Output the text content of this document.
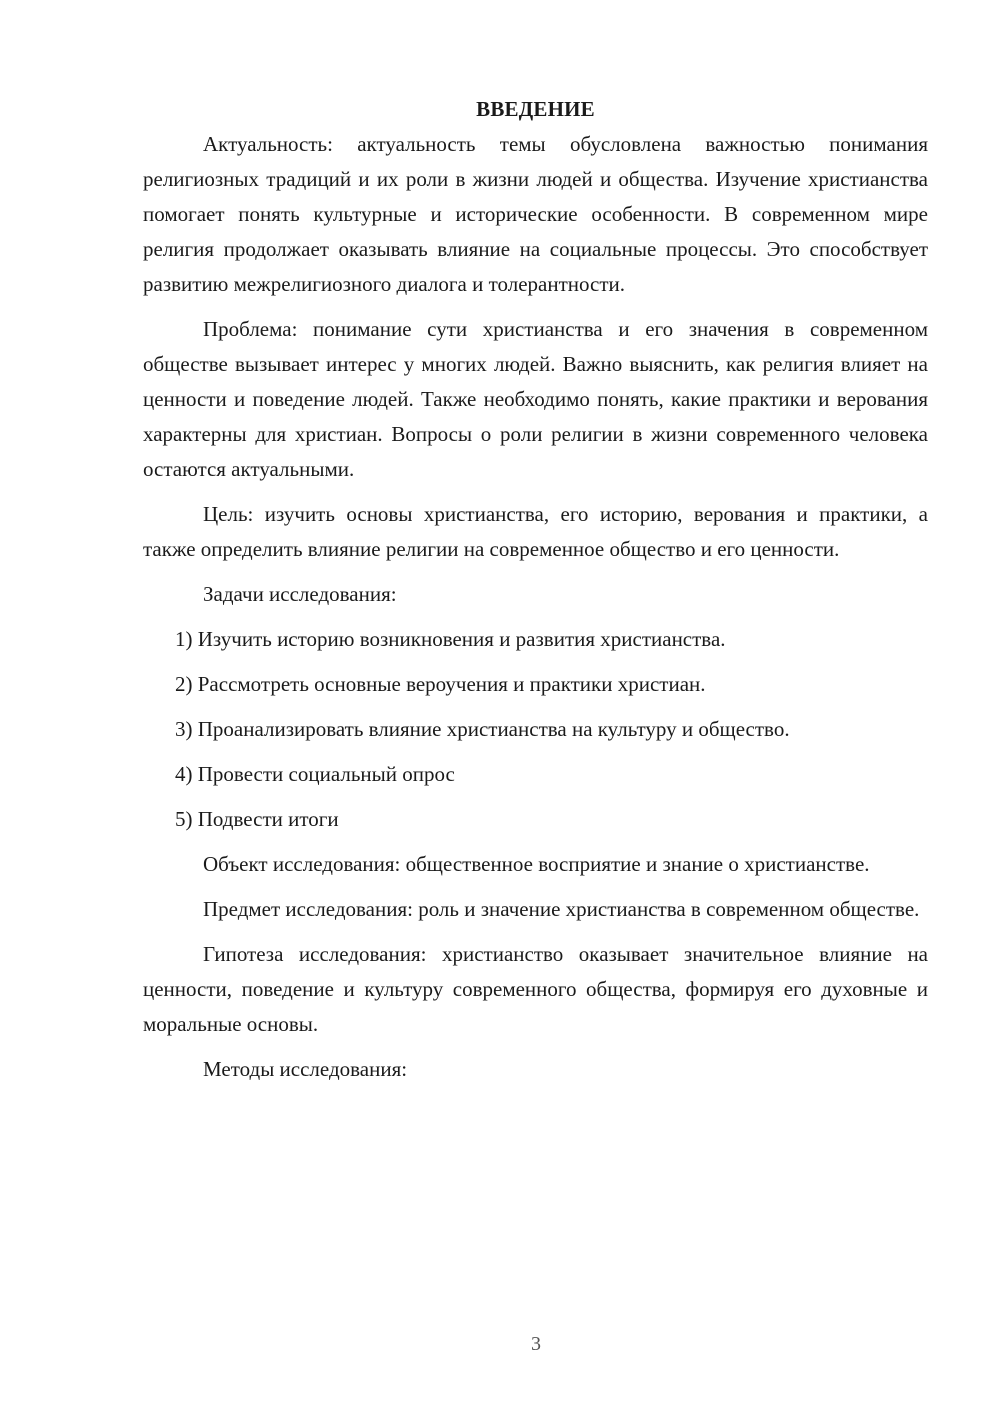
ВВЕДЕНИЕ

Актуальность: актуальность темы обусловлена важностью понимания религиозных традиций и их роли в жизни людей и общества. Изучение христианства помогает понять культурные и исторические особенности. В современном мире религия продолжает оказывать влияние на социальные процессы. Это способствует развитию межрелигиозного диалога и толерантности.

Проблема: понимание сути христианства и его значения в современном обществе вызывает интерес у многих людей. Важно выяснить, как религия влияет на ценности и поведение людей. Также необходимо понять, какие практики и верования характерны для христиан. Вопросы о роли религии в жизни современного человека остаются актуальными.

Цель: изучить основы христианства, его историю, верования и практики, а также определить влияние религии на современное общество и его ценности.

Задачи исследования:

1) Изучить историю возникновения и развития христианства.
2) Рассмотреть основные вероучения и практики христиан.
3) Проанализировать влияние христианства на культуру и общество.
4) Провести социальный опрос
5) Подвести итоги

Объект исследования: общественное восприятие и знание о христианстве.

Предмет исследования: роль и значение христианства в современном обществе.

Гипотеза исследования: христианство оказывает значительное влияние на ценности, поведение и культуру современного общества, формируя его духовные и моральные основы.

Методы исследования:

3
